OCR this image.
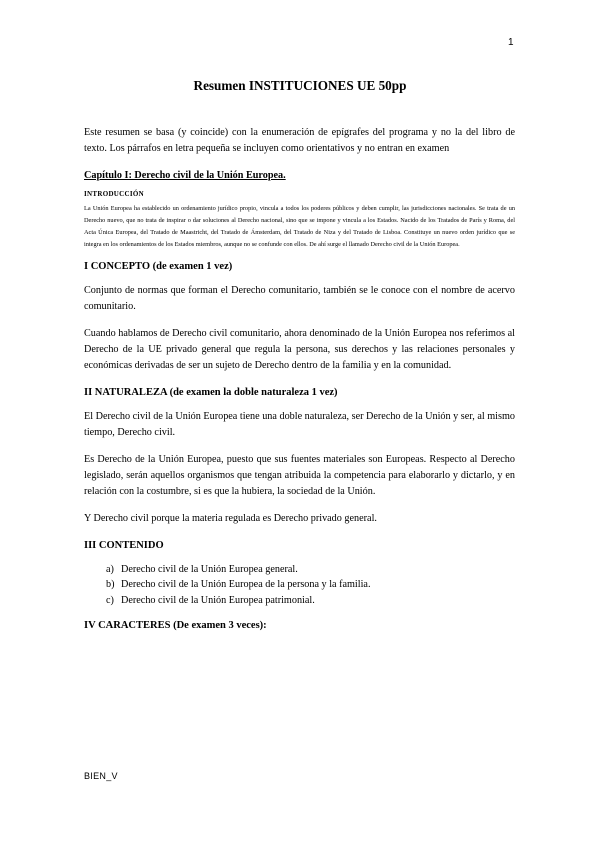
1
Resumen INSTITUCIONES UE 50pp

Este resumen se basa (y coincide) con la enumeración de epígrafes del programa y no la del libro de texto. Los párrafos en letra pequeña se incluyen como orientativos y no entran en examen

Capítulo I: Derecho civil de la Unión Europea.

INTRODUCCIÓN

La Unión Europea ha establecido un ordenamiento jurídico propio, vincula a todos los poderes públicos y deben cumplir, las jurisdicciones nacionales. Se trata de un Derecho nuevo, que no trata de inspirar o dar soluciones al Derecho nacional, sino que se impone y vincula a los Estados. Nacido de los Tratados de París y Roma, del Acta Única Europea, del Tratado de Maastricht, del Tratado de Ámsterdam, del Tratado de Niza y del Tratado de Lisboa. Constituye un nuevo orden jurídico que se integra en los ordenamientos de los Estados miembros, aunque no se confunde con ellos. De ahí surge el llamado Derecho civil de la Unión Europea.

I CONCEPTO (de examen 1 vez)

Conjunto de normas que forman el Derecho comunitario, también se le conoce con el nombre de acervo comunitario.

Cuando hablamos de Derecho civil comunitario, ahora denominado de la Unión Europea nos referimos al Derecho de la UE privado general que regula la persona, sus derechos y las relaciones personales y económicas derivadas de ser un sujeto de Derecho dentro de la familia y en la comunidad.

II NATURALEZA (de examen la doble naturaleza 1 vez)

El Derecho civil de la Unión Europea tiene una doble naturaleza, ser Derecho de la Unión y ser, al mismo tiempo, Derecho civil.

Es Derecho de la Unión Europea, puesto que sus fuentes materiales son Europeas. Respecto al Derecho legislado, serán aquellos organismos que tengan atribuida la competencia para elaborarlo y dictarlo, y en relación con la costumbre, si es que la hubiera, la sociedad de la Unión.

Y Derecho civil porque la materia regulada es Derecho privado general.

III CONTENIDO

a) Derecho civil de la Unión Europea general.
b) Derecho civil de la Unión Europea de la persona y la familia.
c) Derecho civil de la Unión Europea patrimonial.

IV CARACTERES (De examen 3 veces):

BIEN_V
